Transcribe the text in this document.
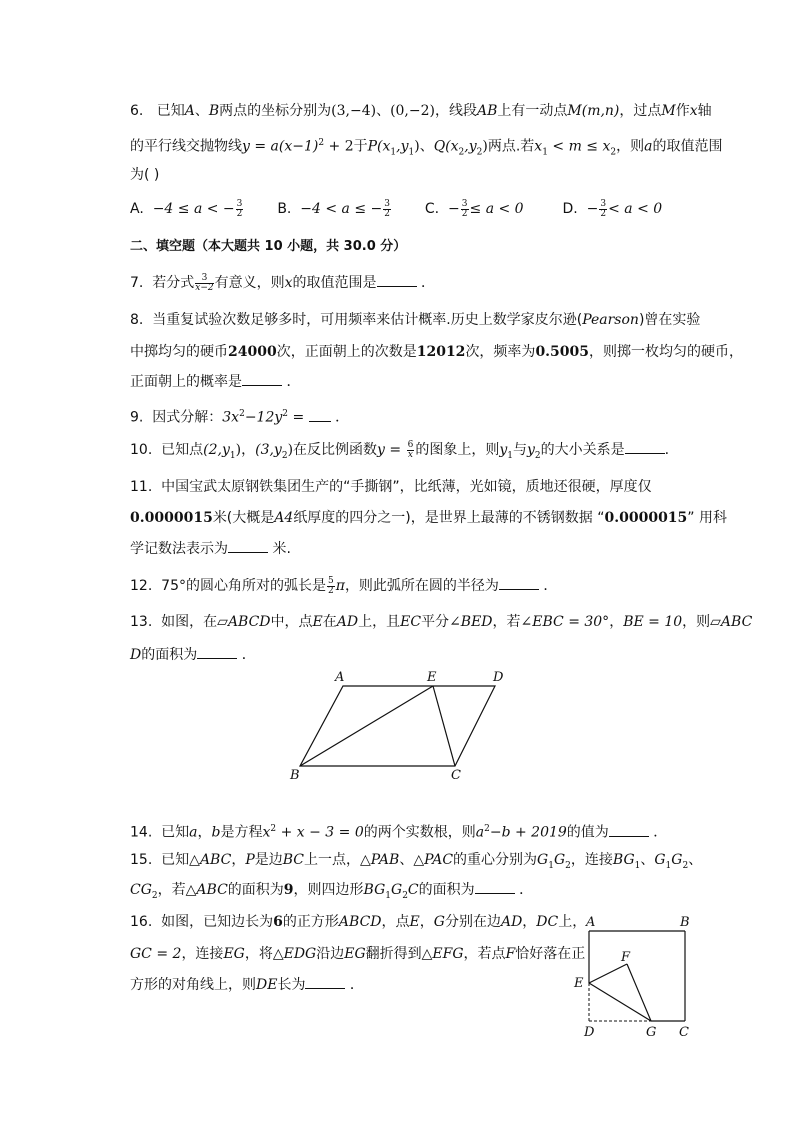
6. 已知A、B两点的坐标分别为(3,−4)、(0,−2)，线段AB上有一动点M(m,n)，过点M作x轴
的平行线交抛物线$y = a(x-1)^2 + 2$于$P(x_1,y_1)$、$Q(x_2,y_2)$两点.若$x_1 < m \le x_2$，则a的取值范围
为( )
A. −4 ≤ a < − $\frac{3}{2} B$. −4 < a ≤ − $\frac{3}{2} C$. − $\frac{3}{2} \le a < 0$	D. − $\frac{3}{2} < a < 0$
二、填空题（本大题共 10 小题，共 30.0 分）
7. 若分式 $\frac{3}{x-2}$ 有意义，则x的取值范围是	．
8. 当重复试验次数足够多时，可用频率来估计概率.历史上数学家皮尔逊(Pearson)曾在实验
中掷均匀的硬币24000次，正面朝上的次数是12012次，频率为0.5005，则掷一枚均匀的硬币，
正面朝上的概率是	．
9. 因式分解：$3x^2-12y^2$ =  ．
10. 已知点$(2,y_1)$，$(3,y_2)$在反比例函数$y = \frac{6}{x}$ 的图象上，则$y_1$与$y_2$的大小关系是	.
11. 中国宝武太原钢铁集团生产的“手撕钢”，比纸薄，光如镜，质地还很硬，厚度仅
0.0000015米(大概是A4纸厚度的四分之一)，是世界上最薄的不锈钢数据 “0.0000015” 用科
学记数法表示为	米.
12. 75°的圆心角所对的弧长是 $\frac{5}{2}$ π，则此弧所在圆的半径为	．
13. 如图，在▱ABCD中，点E在AD上，且EC平分∠BED，若∠EBC = 30°，BE = 10，则▱ABC
D的面积为	．
A	E	D
B	C
14. 已知a，b是方程$x^2 + x - 3 = 0$的两个实数根，则$a^2-b + 2019$的值为	．
15. 已知△ABC，P是边BC上一点，△PAB、△PAC的重心分别为$G_1G_2$，连接$BG_1$、$G_1G_2$、
$CG_2$，若△ABC的面积为9，则四边形$BG_1G_2C$的面积为	．
16. 如图，已知边长为6的正方形ABCD，点E，G分别在边AD，DC上，
GC = 2，连接EG，将△EDG沿边EG翻折得到△EFG，若点F恰好落在正
方形的对角线上，则DE长为	．
A	B
E
F
D	G C
